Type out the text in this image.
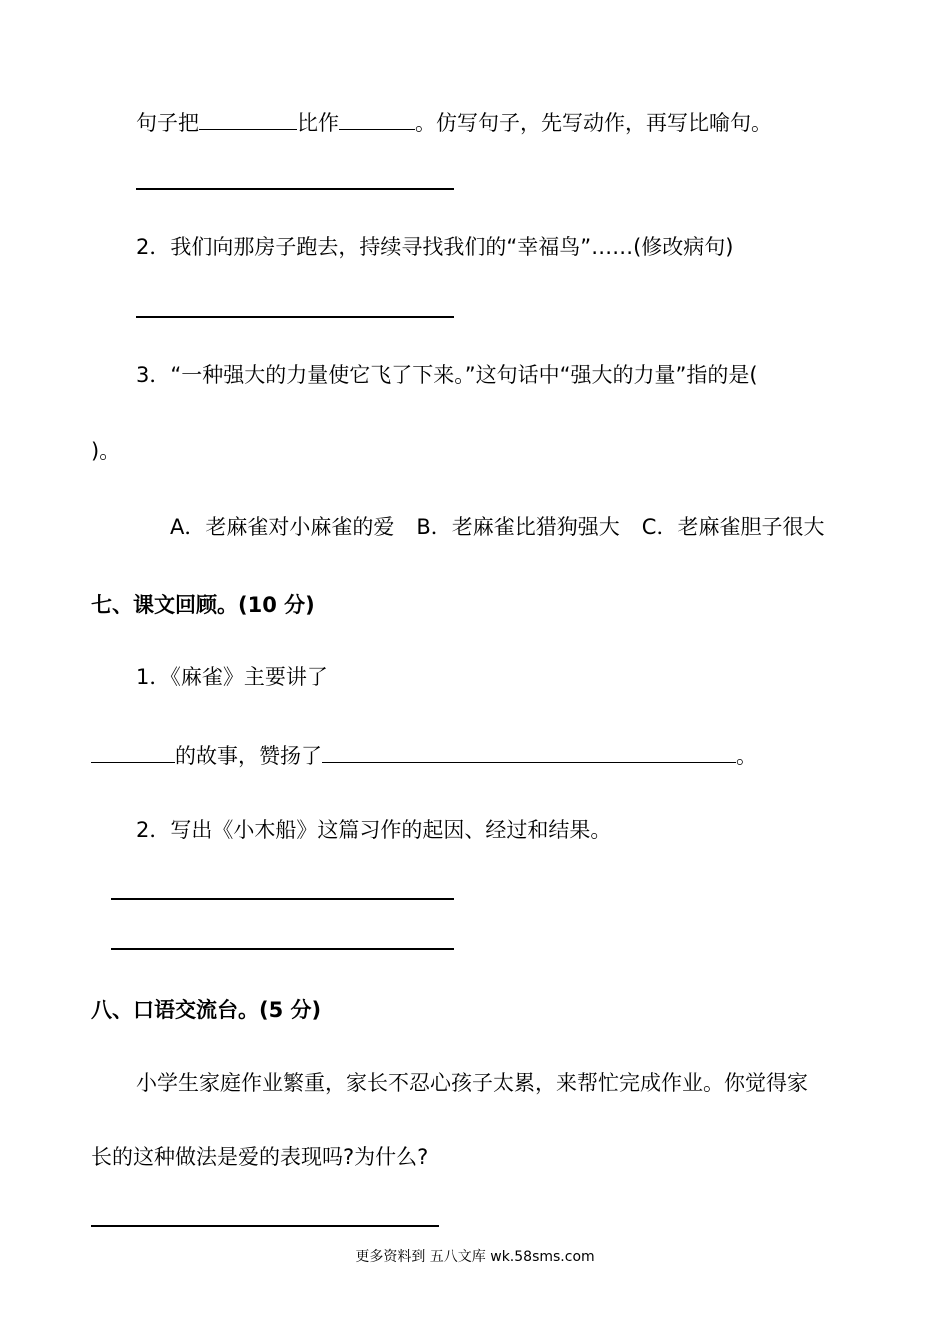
句子把	比作	。仿写句子，先写动作，再写比喻句。
2．我们向那房子跑去，持续寻找我们的“幸福鸟”……(修改病句)
3．“一种强大的力量使它飞了下来。”这句话中“强大的力量”指的是(
)。
A．老麻雀对小麻雀的爱 B．老麻雀比猎狗强大 C．老麻雀胆子很大
七、课文回顾。(10 分)
1．《麻雀》主要讲了
的故事，赞扬了	。
2．写出《小木船》这篇习作的起因、经过和结果。
八、口语交流台。(5 分)
小学生家庭作业繁重，家长不忍心孩子太累，来帮忙完成作业。你觉得家
长的这种做法是爱的表现吗?为什么?
更多资料到 五八文库 wk.58sms.com
